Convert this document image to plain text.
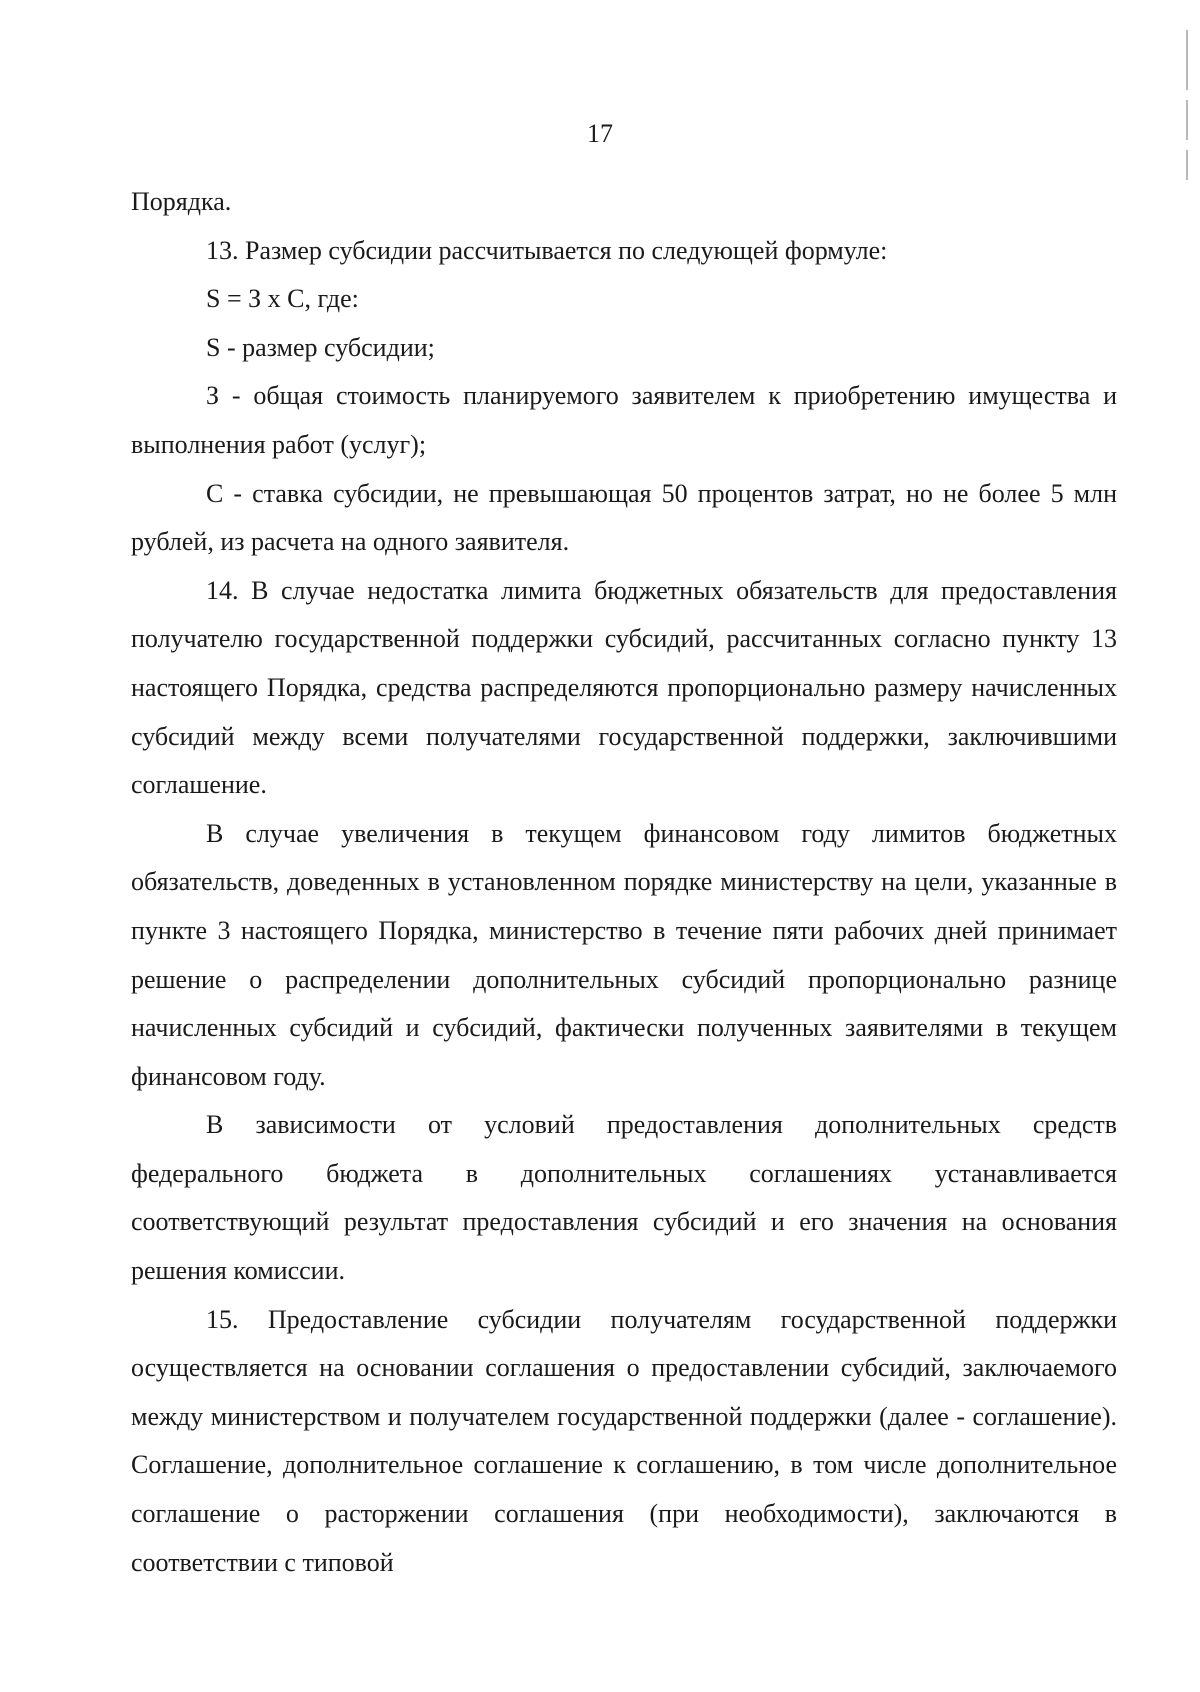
17

Порядка.

13. Размер субсидии рассчитывается по следующей формуле:

S = З х С, где:

S - размер субсидии;

З - общая стоимость планируемого заявителем к приобретению имущества и выполнения работ (услуг);

С - ставка субсидии, не превышающая 50 процентов затрат, но не более 5 млн рублей, из расчета на одного заявителя.

14. В случае недостатка лимита бюджетных обязательств для предоставления получателю государственной поддержки субсидий, рассчитанных согласно пункту 13 настоящего Порядка, средства распределяются пропорционально размеру начисленных субсидий между всеми получателями государственной поддержки, заключившими соглашение.

В случае увеличения в текущем финансовом году лимитов бюджетных обязательств, доведенных в установленном порядке министерству на цели, указанные в пункте 3 настоящего Порядка, министерство в течение пяти рабочих дней принимает решение о распределении дополнительных субсидий пропорционально разнице начисленных субсидий и субсидий, фактически полученных заявителями в текущем финансовом году.

В зависимости от условий предоставления дополнительных средств федерального бюджета в дополнительных соглашениях устанавливается соответствующий результат предоставления субсидий и его значения на основания решения комиссии.

15. Предоставление субсидии получателям государственной поддержки осуществляется на основании соглашения о предоставлении субсидий, заключаемого между министерством и получателем государственной поддержки (далее - соглашение). Соглашение, дополнительное соглашение к соглашению, в том числе дополнительное соглашение о расторжении соглашения (при необходимости), заключаются в соответствии с типовой
